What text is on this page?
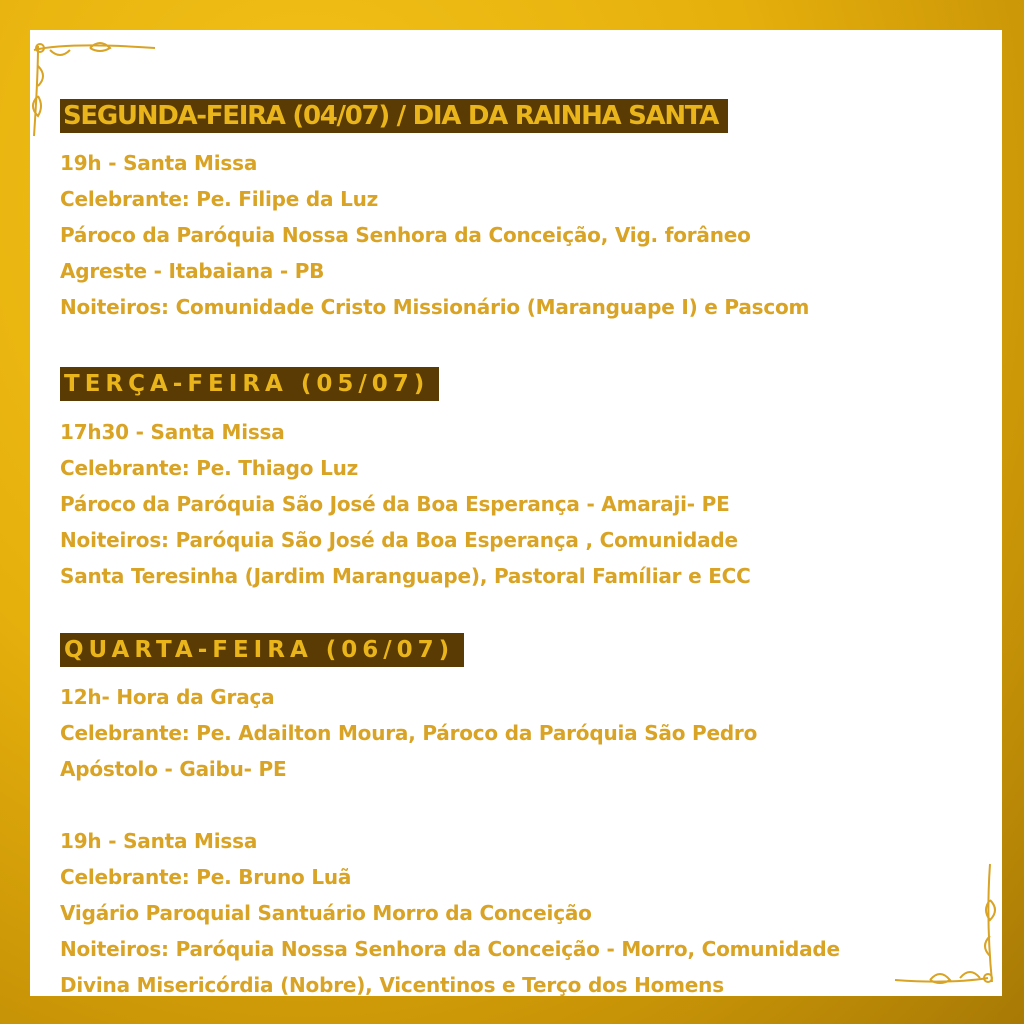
SEGUNDA-FEIRA (04/07) / DIA DA RAINHA SANTA
19h - Santa Missa
Celebrante: Pe. Filipe da Luz
Pároco da Paróquia Nossa Senhora da Conceição, Vig. forâneo
Agreste - Itabaiana - PB
Noiteiros: Comunidade Cristo Missionário (Maranguape I) e Pascom
TERÇA-FEIRA (05/07)
17h30 - Santa Missa
Celebrante: Pe. Thiago Luz
Pároco da Paróquia São José da Boa Esperança - Amaraji- PE
Noiteiros: Paróquia São José da Boa Esperança , Comunidade
Santa Teresinha (Jardim Maranguape), Pastoral Famíliar e ECC
QUARTA-FEIRA (06/07)
12h- Hora da Graça
Celebrante: Pe. Adailton Moura, Pároco da Paróquia São Pedro
Apóstolo - Gaibu- PE
19h - Santa Missa
Celebrante: Pe. Bruno Luã
Vigário Paroquial Santuário Morro da Conceição
Noiteiros: Paróquia Nossa Senhora da Conceição - Morro, Comunidade
Divina Misericórdia (Nobre), Vicentinos e Terço dos Homens
